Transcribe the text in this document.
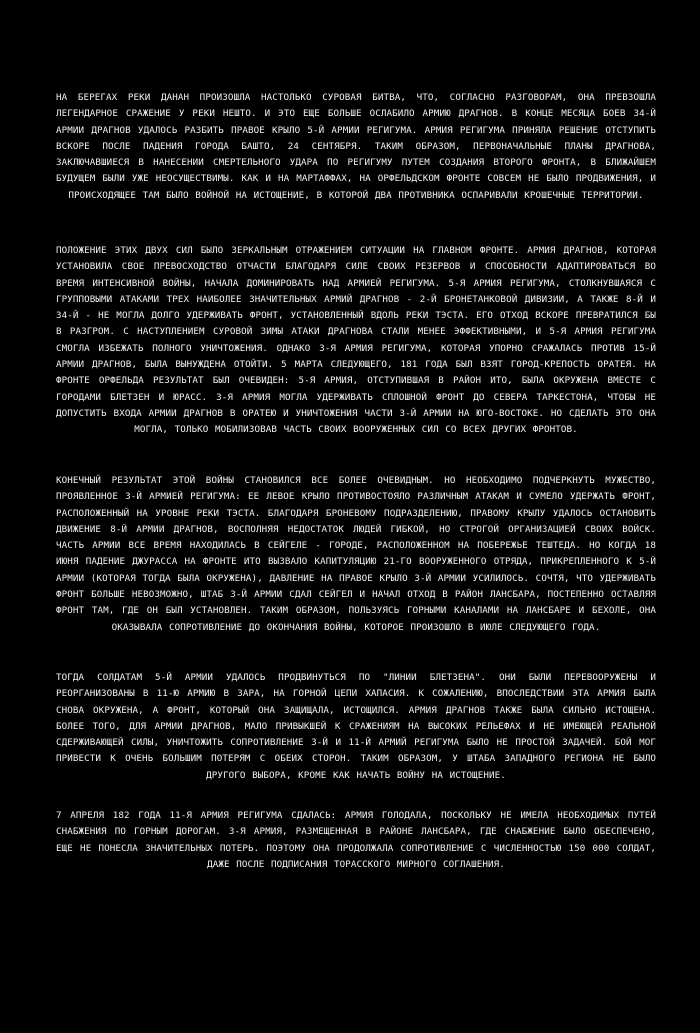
НА БЕРЕГАХ РЕКИ ДАНАН ПРОИЗОШЛА НАСТОЛЬКО СУРОВАЯ БИТВА, ЧТО, СОГЛАСНО РАЗГОВОРАМ, ОНА ПРЕВЗОШЛА ЛЕГЕНДАРНОЕ СРАЖЕНИЕ У РЕКИ НЕШТО. И ЭТО ЕЩЕ БОЛЬШЕ ОСЛАБИЛО АРМИЮ ДРАГНОВ. В КОНЦЕ МЕСЯЦА БОЕВ 34-Й АРМИИ ДРАГНОВ УДАЛОСЬ РАЗБИТЬ ПРАВОЕ КРЫЛО 5-Й АРМИИ РЕГИГУМА. АРМИЯ РЕГИГУМА ПРИНЯЛА РЕШЕНИЕ ОТСТУПИТЬ ВСКОРЕ ПОСЛЕ ПАДЕНИЯ ГОРОДА БАШТО, 24 СЕНТЯБРЯ. ТАКИМ ОБРАЗОМ, ПЕРВОНАЧАЛЬНЫЕ ПЛАНЫ ДРАГНОВА, ЗАКЛЮЧАВШИЕСЯ В НАНЕСЕНИИ СМЕРТЕЛЬНОГО УДАРА ПО РЕГИГУМУ ПУТЕМ СОЗДАНИЯ ВТОРОГО ФРОНТА, В БЛИЖАЙШЕМ БУДУЩЕМ БЫЛИ УЖЕ НЕОСУЩЕСТВИМЫ. КАК И НА МАРТАФФАХ, НА ОРФЕЛЬДСКОМ ФРОНТЕ СОВСЕМ НЕ БЫЛО ПРОДВИЖЕНИЯ, И ПРОИСХОДЯЩЕЕ ТАМ БЫЛО ВОЙНОЙ НА ИСТОЩЕНИЕ, В КОТОРОЙ ДВА ПРОТИВНИКА ОСПАРИВАЛИ КРОШЕЧНЫЕ ТЕРРИТОРИИ.

ПОЛОЖЕНИЕ ЭТИХ ДВУХ СИЛ БЫЛО ЗЕРКАЛЬНЫМ ОТРАЖЕНИЕМ СИТУАЦИИ НА ГЛАВНОМ ФРОНТЕ. АРМИЯ ДРАГНОВ, КОТОРАЯ УСТАНОВИЛА СВОЕ ПРЕВОСХОДСТВО ОТЧАСТИ БЛАГОДАРЯ СИЛЕ СВОИХ РЕЗЕРВОВ И СПОСОБНОСТИ АДАПТИРОВАТЬСЯ ВО ВРЕМЯ ИНТЕНСИВНОЙ ВОЙНЫ, НАЧАЛА ДОМИНИРОВАТЬ НАД АРМИЕЙ РЕГИГУМА. 5-Я АРМИЯ РЕГИГУМА, СТОЛКНУВШАЯСЯ С ГРУППОВЫМИ АТАКАМИ ТРЕХ НАИБОЛЕЕ ЗНАЧИТЕЛЬНЫХ АРМИЙ ДРАГНОВ - 2-Й БРОНЕТАНКОВОЙ ДИВИЗИИ, А ТАКЖЕ 8-Й И 34-Й - НЕ МОГЛА ДОЛГО УДЕРЖИВАТЬ ФРОНТ, УСТАНОВЛЕННЫЙ ВДОЛЬ РЕКИ ТЭСТА. ЕГО ОТХОД ВСКОРЕ ПРЕВРАТИЛСЯ БЫ В РАЗГРОМ. С НАСТУПЛЕНИЕМ СУРОВОЙ ЗИМЫ АТАКИ ДРАГНОВА СТАЛИ МЕНЕЕ ЭФФЕКТИВНЫМИ, И 5-Я АРМИЯ РЕГИГУМА СМОГЛА ИЗБЕЖАТЬ ПОЛНОГО УНИЧТОЖЕНИЯ. ОДНАКО 3-Я АРМИЯ РЕГИГУМА, КОТОРАЯ УПОРНО СРАЖАЛАСЬ ПРОТИВ 15-Й АРМИИ ДРАГНОВ, БЫЛА ВЫНУЖДЕНА ОТОЙТИ. 5 МАРТА СЛЕДУЮЩЕГО, 181 ГОДА БЫЛ ВЗЯТ ГОРОД-КРЕПОСТЬ ОРАТЕЯ. НА ФРОНТЕ ОРФЕЛЬДА РЕЗУЛЬТАТ БЫЛ ОЧЕВИДЕН: 5-Я АРМИЯ, ОТСТУПИВШАЯ В РАЙОН ИТО, БЫЛА ОКРУЖЕНА ВМЕСТЕ С ГОРОДАМИ БЛЕТЗЕН И ЮРАСС. 3-Я АРМИЯ МОГЛА УДЕРЖИВАТЬ СПЛОШНОЙ ФРОНТ ДО СЕВЕРА ТАРКЕСТОНА, ЧТОБЫ НЕ ДОПУСТИТЬ ВХОДА АРМИИ ДРАГНОВ В ОРАТЕЮ И УНИЧТОЖЕНИЯ ЧАСТИ 3-Й АРМИИ НА ЮГО-ВОСТОКЕ. НО СДЕЛАТЬ ЭТО ОНА МОГЛА, ТОЛЬКО МОБИЛИЗОВАВ ЧАСТЬ СВОИХ ВООРУЖЕННЫХ СИЛ СО ВСЕХ ДРУГИХ ФРОНТОВ.

КОНЕЧНЫЙ РЕЗУЛЬТАТ ЭТОЙ ВОЙНЫ СТАНОВИЛСЯ ВСЕ БОЛЕЕ ОЧЕВИДНЫМ. НО НЕОБХОДИМО ПОДЧЕРКНУТЬ МУЖЕСТВО, ПРОЯВЛЕННОЕ 3-Й АРМИЕЙ РЕГИГУМА: ЕЕ ЛЕВОЕ КРЫЛО ПРОТИВОСТОЯЛО РАЗЛИЧНЫМ АТАКАМ И СУМЕЛО УДЕРЖАТЬ ФРОНТ, РАСПОЛОЖЕННЫЙ НА УРОВНЕ РЕКИ ТЭСТА. БЛАГОДАРЯ БРОНЕВОМУ ПОДРАЗДЕЛЕНИЮ, ПРАВОМУ КРЫЛУ УДАЛОСЬ ОСТАНОВИТЬ ДВИЖЕНИЕ 8-Й АРМИИ ДРАГНОВ, ВОСПОЛНЯЯ НЕДОСТАТОК ЛЮДЕЙ ГИБКОЙ, НО СТРОГОЙ ОРГАНИЗАЦИЕЙ СВОИХ ВОЙСК. ЧАСТЬ АРМИИ ВСЕ ВРЕМЯ НАХОДИЛАСЬ В СЕЙГЕЛЕ - ГОРОДЕ, РАСПОЛОЖЕННОМ НА ПОБЕРЕЖЬЕ ТЕШТЕДА. НО КОГДА 18 ИЮНЯ ПАДЕНИЕ ДЖУРАССА НА ФРОНТЕ ИТО ВЫЗВАЛО КАПИТУЛЯЦИЮ 21-ГО ВООРУЖЕННОГО ОТРЯДА, ПРИКРЕПЛЕННОГО К 5-Й АРМИИ (КОТОРАЯ ТОГДА БЫЛА ОКРУЖЕНА), ДАВЛЕНИЕ НА ПРАВОЕ КРЫЛО 3-Й АРМИИ УСИЛИЛОСЬ. СОЧТЯ, ЧТО УДЕРЖИВАТЬ ФРОНТ БОЛЬШЕ НЕВОЗМОЖНО, ШТАБ 3-Й АРМИИ СДАЛ СЕЙГЕЛ И НАЧАЛ ОТХОД В РАЙОН ЛАНСБАРА, ПОСТЕПЕННО ОСТАВЛЯЯ ФРОНТ ТАМ, ГДЕ ОН БЫЛ УСТАНОВЛЕН. ТАКИМ ОБРАЗОМ, ПОЛЬЗУЯСЬ ГОРНЫМИ КАНАЛАМИ НА ЛАНСБАРЕ И БЕХОЛЕ, ОНА ОКАЗЫВАЛА СОПРОТИВЛЕНИЕ ДО ОКОНЧАНИЯ ВОЙНЫ, КОТОРОЕ ПРОИЗОШЛО В ИЮЛЕ СЛЕДУЮЩЕГО ГОДА.

ТОГДА СОЛДАТАМ 5-Й АРМИИ УДАЛОСЬ ПРОДВИНУТЬСЯ ПО "ЛИНИИ БЛЕТЗЕНА". ОНИ БЫЛИ ПЕРЕВООРУЖЕНЫ И РЕОРГАНИЗОВАНЫ В 11-Ю АРМИЮ В ЗАРА, НА ГОРНОЙ ЦЕПИ ХАПАСИЯ. К СОЖАЛЕНИЮ, ВПОСЛЕДСТВИИ ЭТА АРМИЯ БЫЛА СНОВА ОКРУЖЕНА, А ФРОНТ, КОТОРЫЙ ОНА ЗАЩИЩАЛА, ИСТОЩИЛСЯ. АРМИЯ ДРАГНОВ ТАКЖЕ БЫЛА СИЛЬНО ИСТОЩЕНА. БОЛЕЕ ТОГО, ДЛЯ АРМИИ ДРАГНОВ, МАЛО ПРИВЫКШЕЙ К СРАЖЕНИЯМ НА ВЫСОКИХ РЕЛЬЕФАХ И НЕ ИМЕЮЩЕЙ РЕАЛЬНОЙ СДЕРЖИВАЮЩЕЙ СИЛЫ, УНИЧТОЖИТЬ СОПРОТИВЛЕНИЕ 3-Й И 11-Й АРМИЙ РЕГИГУМА БЫЛО НЕ ПРОСТОЙ ЗАДАЧЕЙ. БОЙ МОГ ПРИВЕСТИ К ОЧЕНЬ БОЛЬШИМ ПОТЕРЯМ С ОБЕИХ СТОРОН. ТАКИМ ОБРАЗОМ, У ШТАБА ЗАПАДНОГО РЕГИОНА НЕ БЫЛО ДРУГОГО ВЫБОРА, КРОМЕ КАК НАЧАТЬ ВОЙНУ НА ИСТОЩЕНИЕ.

7 АПРЕЛЯ 182 ГОДА 11-Я АРМИЯ РЕГИГУМА СДАЛАСЬ: АРМИЯ ГОЛОДАЛА, ПОСКОЛЬКУ НЕ ИМЕЛА НЕОБХОДИМЫХ ПУТЕЙ СНАБЖЕНИЯ ПО ГОРНЫМ ДОРОГАМ. 3-Я АРМИЯ, РАЗМЕЩЕННАЯ В РАЙОНЕ ЛАНСБАРА, ГДЕ СНАБЖЕНИЕ БЫЛО ОБЕСПЕЧЕНО, ЕЩЕ НЕ ПОНЕСЛА ЗНАЧИТЕЛЬНЫХ ПОТЕРЬ. ПОЭТОМУ ОНА ПРОДОЛЖАЛА СОПРОТИВЛЕНИЕ С ЧИСЛЕННОСТЬЮ 150 000 СОЛДАТ, ДАЖЕ ПОСЛЕ ПОДПИСАНИЯ ТОРАCCКОГО МИРНОГО СОГЛАШЕНИЯ.
